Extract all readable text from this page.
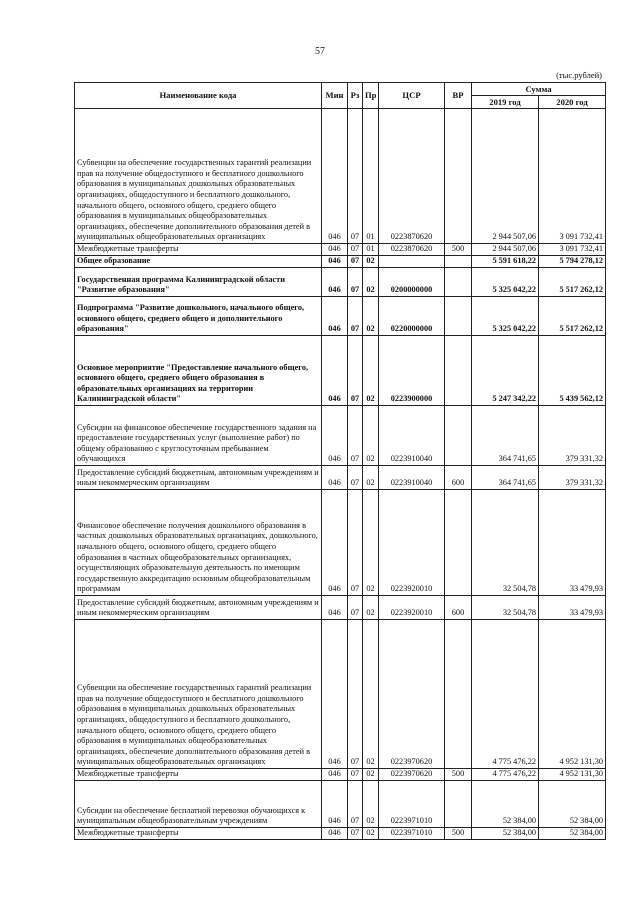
57
(тыс.рублей)
Наименование кода	Мин	Рз	Пр	ЦСР	ВР	Сумма	
						2019 год	2020 год
Субвенции на обеспечение государственных гарантий реализации прав на получение общедоступного и бесплатного дошкольного образования в муниципальных дошкольных образовательных организациях, общедоступного и бесплатного дошкольного, начального общего, основного общего, среднего общего образования в муниципальных общеобразовательных организациях, обеспечение дополнительного образования детей в муниципальных общеобразовательных организациях	046	07	01	0223870620		2 944 507,06	3 091 732,41
Межбюджетные трансферты	046	07	01	0223870620	500	2 944 507,06	3 091 732,41
Общее образование	046	07	02			5 591 618,22	5 794 278,12
Государственная программа Калининградской области "Развитие образования"	046	07	02	0200000000		5 325 042,22	5 517 262,12
Подпрограмма "Развитие дошкольного, начального общего, основного общего, среднего общего и дополнительного образования"	046	07	02	0220000000		5 325 042,22	5 517 262,12
Основное мероприятие "Предоставление начального общего, основного общего, среднего общего образования в образовательных организациях на территории Калининградской области"	046	07	02	0223900000		5 247 342,22	5 439 562,12
Субсидии на финансовое обеспечение государственного задания на предоставление государственных услуг (выполнение работ) по общему образованию с круглосуточным пребыванием обучающихся	046	07	02	0223910040		364 741,65	379 331,32
Предоставление субсидий бюджетным, автономным учреждениям и иным некоммерческим организациям	046	07	02	0223910040	600	364 741,65	379 331,32
Финансовое обеспечение получения дошкольного образования в частных дошкольных образовательных организациях, дошкольного, начального общего, основного общего, среднего общего образования в частных общеобразовательных организациях, осуществляющих образовательную деятельность по имеющим государственную аккредитацию основным общеобразовательным программам	046	07	02	0223920010		32 504,78	33 479,93
Предоставление субсидий бюджетным, автономным учреждениям и иным некоммерческим организациям	046	07	02	0223920010	600	32 504,78	33 479,93
Субвенции на обеспечение государственных гарантий реализации прав на получение общедоступного и бесплатного дошкольного образования в муниципальных дошкольных образовательных организациях, общедоступного и бесплатного дошкольного, начального общего, основного общего, среднего общего образования в муниципальных общеобразовательных организациях, обеспечение дополнительного образования детей в муниципальных общеобразовательных организациях	046	07	02	0223970620		4 775 476,22	4 952 131,30
Межбюджетные трансферты	046	07	02	0223970620	500	4 775 476,22	4 952 131,30
Субсидии на обеспечение бесплатной перевозки обучающихся к муниципальным общеобразовательным учреждениям	046	07	02	0223971010		52 384,00	52 384,00
Межбюджетные трансферты	046	07	02	0223971010	500	52 384,00	52 384,00
